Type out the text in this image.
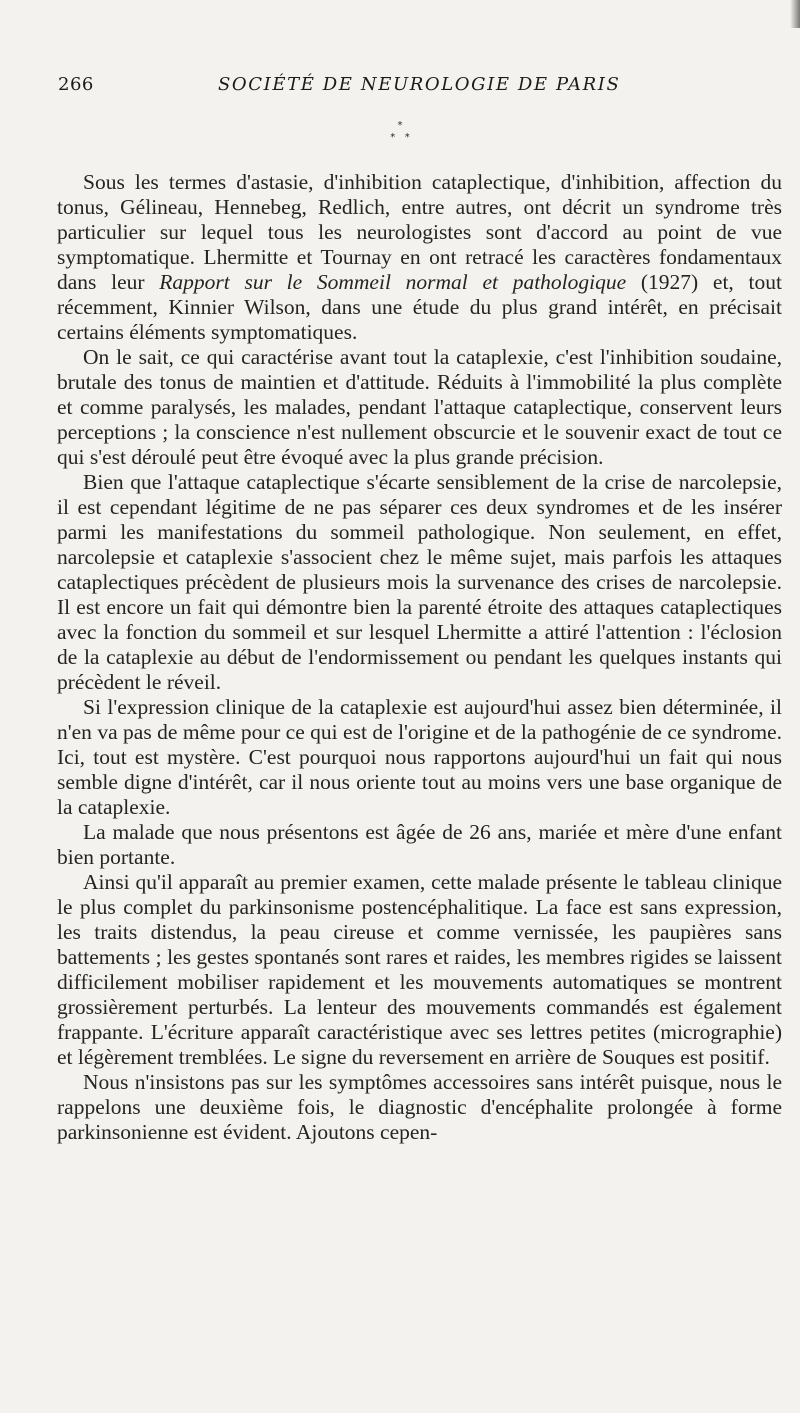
266	SOCIÉTÉ DE NEUROLOGIE DE PARIS
*
*   *

Sous les termes d'astasie, d'inhibition cataplectique, d'inhibition, affection du tonus, Gélineau, Hennebeg, Redlich, entre autres, ont décrit un syndrome très particulier sur lequel tous les neurologistes sont d'accord au point de vue symptomatique. Lhermitte et Tournay en ont retracé les caractères fondamentaux dans leur Rapport sur le Sommeil normal et pathologique (1927) et, tout récemment, Kinnier Wilson, dans une étude du plus grand intérêt, en précisait certains éléments symptomatiques.

On le sait, ce qui caractérise avant tout la cataplexie, c'est l'inhibition soudaine, brutale des tonus de maintien et d'attitude. Réduits à l'immobilité la plus complète et comme paralysés, les malades, pendant l'attaque cataplectique, conservent leurs perceptions ; la conscience n'est nullement obscurcie et le souvenir exact de tout ce qui s'est déroulé peut être évoqué avec la plus grande précision.

Bien que l'attaque cataplectique s'écarte sensiblement de la crise de narcolepsie, il est cependant légitime de ne pas séparer ces deux syndromes et de les insérer parmi les manifestations du sommeil pathologique. Non seulement, en effet, narcolepsie et cataplexie s'associent chez le même sujet, mais parfois les attaques cataplectiques précèdent de plusieurs mois la survenance des crises de narcolepsie. Il est encore un fait qui démontre bien la parenté étroite des attaques cataplectiques avec la fonction du sommeil et sur lesquel Lhermitte a attiré l'attention : l'éclosion de la cataplexie au début de l'endormissement ou pendant les quelques instants qui précèdent le réveil.

Si l'expression clinique de la cataplexie est aujourd'hui assez bien déterminée, il n'en va pas de même pour ce qui est de l'origine et de la pathogénie de ce syndrome. Ici, tout est mystère. C'est pourquoi nous rapportons aujourd'hui un fait qui nous semble digne d'intérêt, car il nous oriente tout au moins vers une base organique de la cataplexie.

La malade que nous présentons est âgée de 26 ans, mariée et mère d'une enfant bien portante.

Ainsi qu'il apparaît au premier examen, cette malade présente le tableau clinique le plus complet du parkinsonisme postencéphalitique. La face est sans expression, les traits distendus, la peau cireuse et comme vernissée, les paupières sans battements ; les gestes spontanés sont rares et raides, les membres rigides se laissent difficilement mobiliser rapidement et les mouvements automatiques se montrent grossièrement perturbés. La lenteur des mouvements commandés est également frappante. L'écriture apparaît caractéristique avec ses lettres petites (micrographie) et légèrement tremblées. Le signe du reversement en arrière de Souques est positif.

Nous n'insistons pas sur les symptômes accessoires sans intérêt puisque, nous le rappelons une deuxième fois, le diagnostic d'encéphalite prolongée à forme parkinsonienne est évident. Ajoutons cepen-
